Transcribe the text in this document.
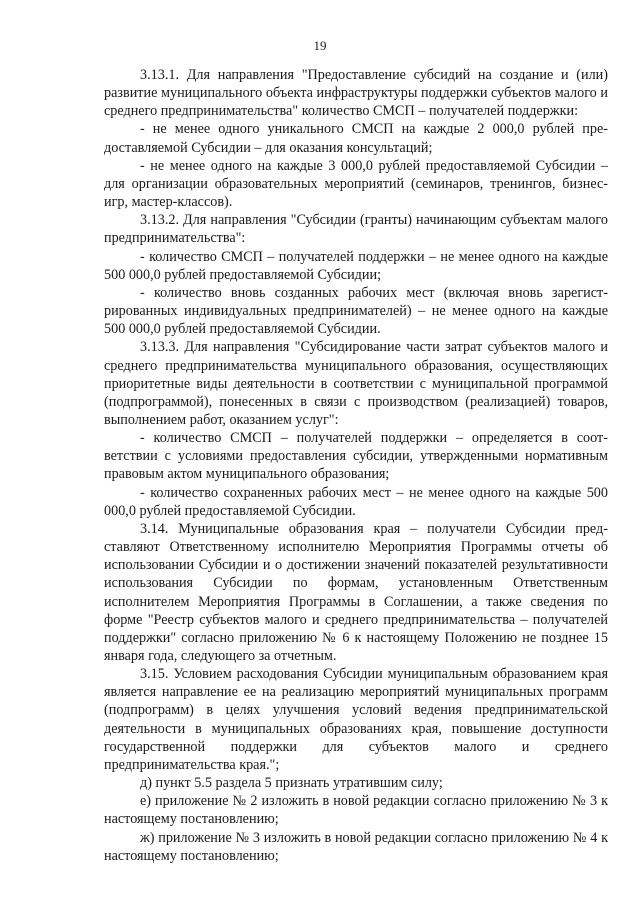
19

3.13.1. Для направления "Предоставление субсидий на создание и (или) развитие муниципального объекта инфраструктуры поддержки субъектов малого и среднего предпринимательства" количество СМСП – получателей поддержки:

- не менее одного уникального СМСП на каждые 2 000,0 рублей предоставляемой Субсидии – для оказания консультаций;

- не менее одного на каждые 3 000,0 рублей предоставляемой Субсидии – для организации образовательных мероприятий (семинаров, тренингов, бизнес-игр, мастер-классов).

3.13.2. Для направления "Субсидии (гранты) начинающим субъектам малого предпринимательства":

- количество СМСП – получателей поддержки – не менее одного на каждые 500 000,0 рублей предоставляемой Субсидии;

- количество вновь созданных рабочих мест (включая вновь зарегистрированных индивидуальных предпринимателей) – не менее одного на каждые 500 000,0 рублей предоставляемой Субсидии.

3.13.3. Для направления "Субсидирование части затрат субъектов малого и среднего предпринимательства муниципального образования, осуществляющих приоритетные виды деятельности в соответствии с муниципальной программой (подпрограммой), понесенных в связи с производством (реализацией) товаров, выполнением работ, оказанием услуг":

- количество СМСП – получателей поддержки – определяется в соответствии с условиями предоставления субсидии, утвержденными нормативным правовым актом муниципального образования;

- количество сохраненных рабочих мест – не менее одного на каждые 500 000,0 рублей предоставляемой Субсидии.

3.14. Муниципальные образования края – получатели Субсидии представляют Ответственному исполнителю Мероприятия Программы отчеты об использовании Субсидии и о достижении значений показателей результативности использования Субсидии по формам, установленным Ответственным исполнителем Мероприятия Программы в Соглашении, а также сведения по форме "Реестр субъектов малого и среднего предпринимательства – получателей поддержки" согласно приложению № 6 к настоящему Положению не позднее 15 января года, следующего за отчетным.

3.15. Условием расходования Субсидии муниципальным образованием края является направление ее на реализацию мероприятий муниципальных программ (подпрограмм) в целях улучшения условий ведения предпринимательской деятельности в муниципальных образованиях края, повышение доступности государственной поддержки для субъектов малого и среднего предпринимательства края.";

д) пункт 5.5 раздела 5 признать утратившим силу;

е) приложение № 2 изложить в новой редакции согласно приложению № 3 к настоящему постановлению;

ж) приложение № 3 изложить в новой редакции согласно приложению № 4 к настоящему постановлению;
